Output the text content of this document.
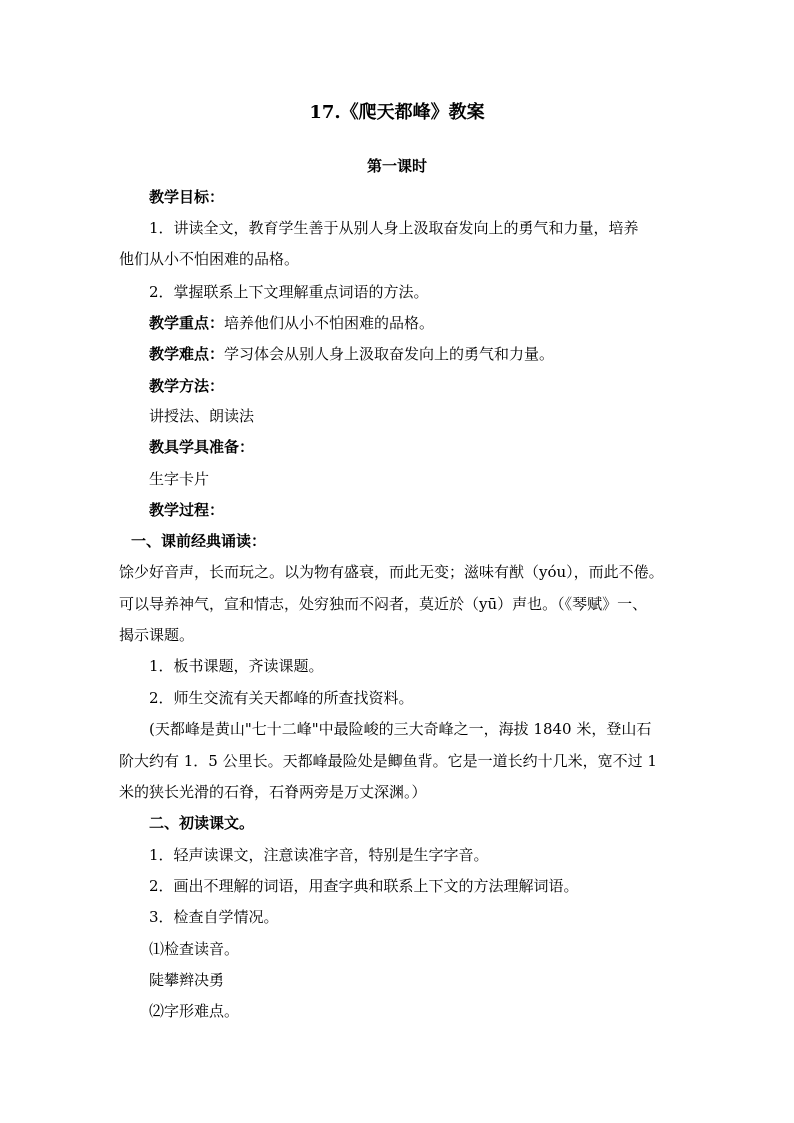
17.《爬天都峰》教案
第一课时
教学目标：
1．讲读全文，教育学生善于从别人身上汲取奋发向上的勇气和力量，培养
他们从小不怕困难的品格。
2．掌握联系上下文理解重点词语的方法。
教学重点：培养他们从小不怕困难的品格。
教学难点：学习体会从别人身上汲取奋发向上的勇气和力量。
教学方法：
讲授法、朗读法
教具学具准备：
生字卡片
教学过程：
一、课前经典诵读：
馀少好音声，长而玩之。以为物有盛衰，而此无变；滋味有猷（yóu），而此不倦。
可以导养神气，宣和情志，处穷独而不闷者，莫近於（yū）声也。（《琴赋》一、
揭示课题。
1．板书课题，齐读课题。
2．师生交流有关天都峰的所查找资料。
(天都峰是黄山"七十二峰"中最险峻的三大奇峰之一，海拔 1840 米，登山石
阶大约有 1．5 公里长。天都峰最险处是鲫鱼背。它是一道长约十几米，宽不过 1
米的狭长光滑的石脊，石脊两旁是万丈深渊。）
二、初读课文。
1．轻声读课文，注意读准字音，特别是生字字音。
2．画出不理解的词语，用查字典和联系上下文的方法理解词语。
3．检查自学情况。
⑴检查读音。
陡攀辫决勇
⑵字形难点。
